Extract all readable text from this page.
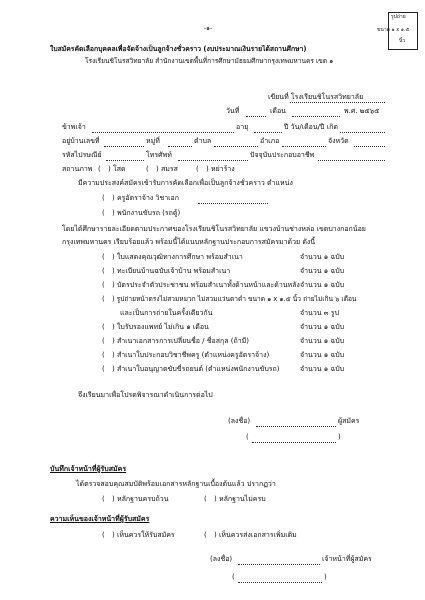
-๑-
รูปถ่าย
ขนาด ๑ x ๑.๕
นิ้ว
ใบสมัครคัดเลือกบุคคลเพื่อจัดจ้างเป็นลูกจ้างชั่วคราว (งบประมาณเงินรายได้สถานศึกษา)
โรงเรียนชิโนรสวิทยาลัย สำนักงานเขตพื้นที่การศึกษามัธยมศึกษากรุงเทพมหานคร เขต ๑
เขียนที่ โรงเรียนชิโนรสวิทยาลัย
วันที่	เดือน	พ.ศ. ๒๕๖๕
ข้าพเจ้า	อายุ	ปี วัน/เดือน/ปี เกิด
อยู่บ้านเลขที่	หมู่ที่	ตำบล	อำเภอ	จังหวัด
รหัสไปรษณีย์	โทรศัพท์	ปัจจุบันประกอบอาชีพ
สถานภาพ ( ) โสด	( ) สมรส	( ) หย่าร้าง
มีความประสงค์สมัครเข้ารับการคัดเลือกเพื่อเป็นลูกจ้างชั่วคราว ตำแหน่ง
( ) ครูอัตราจ้าง วิชาเอก
( ) พนักงานขับรถ (รถตู้)
โดยได้ศึกษารายละเอียดตามประกาศของโรงเรียนชิโนรสวิทยาลัย แขวงบ้านช่างหล่อ เขตบางกอกน้อย
กรุงเทพมหานคร เรียบร้อยแล้ว พร้อมนี้ได้แนบหลักฐานประกอบการสมัครมาด้วย ดังนี้
( ) ใบแสดงคุณวุฒิทางการศึกษา พร้อมสำเนา	จำนวน ๑ ฉบับ
( ) ทะเบียนบ้านฉบับเจ้าบ้าน พร้อมสำเนา	จำนวน ๑ ฉบับ
( ) บัตรประจำตัวประชาชน พร้อมสำเนาทั้งด้านหน้าและด้านหลัง จำนวน ๑ ฉบับ
( ) รูปถ่ายหน้าตรงไม่สวมหมวก ไม่สวมแว่นตาดำ ขนาด ๑ x ๑.๕ นิ้ว ถ่ายไม่เกิน ๖ เดือน
และเป็นการถ่ายในครั้งเดียวกัน	จำนวน ๓ รูป
( ) ใบรับรองแพทย์ ไม่เกิน ๑ เดือน	จำนวน ๑ ฉบับ
( ) สำเนาเอกสารการเปลี่ยนชื่อ / ชื่อสกุล (ถ้ามี)	จำนวน ๑ ฉบับ
( ) สำเนาใบประกอบวิชาชีพครู (ตำแหน่งครูอัตราจ้าง)	จำนวน ๑ ฉบับ
( ) สำเนาใบอนุญาตขับขี่รถยนต์ (ตำแหน่งพนักงานขับรถ)	จำนวน ๑ ฉบับ
จึงเรียนมาเพื่อโปรดพิจารณาดำเนินการต่อไป
(ลงชื่อ)	ผู้สมัคร
(	)
บันทึกเจ้าหน้าที่ผู้รับสมัคร
ได้ตรวจสอบคุณสมบัติพร้อมเอกสารหลักฐานเบื้องต้นแล้ว ปรากฏว่า
( ) หลักฐานครบถ้วน	( ) หลักฐานไม่ครบ
ความเห็นของเจ้าหน้าที่ผู้รับสมัคร
( ) เห็นควรให้รับสมัคร	( ) เห็นควรส่งเอกสารเพิ่มเติม
(ลงชื่อ)	เจ้าหน้าที่ผู้สมัคร
(	)
